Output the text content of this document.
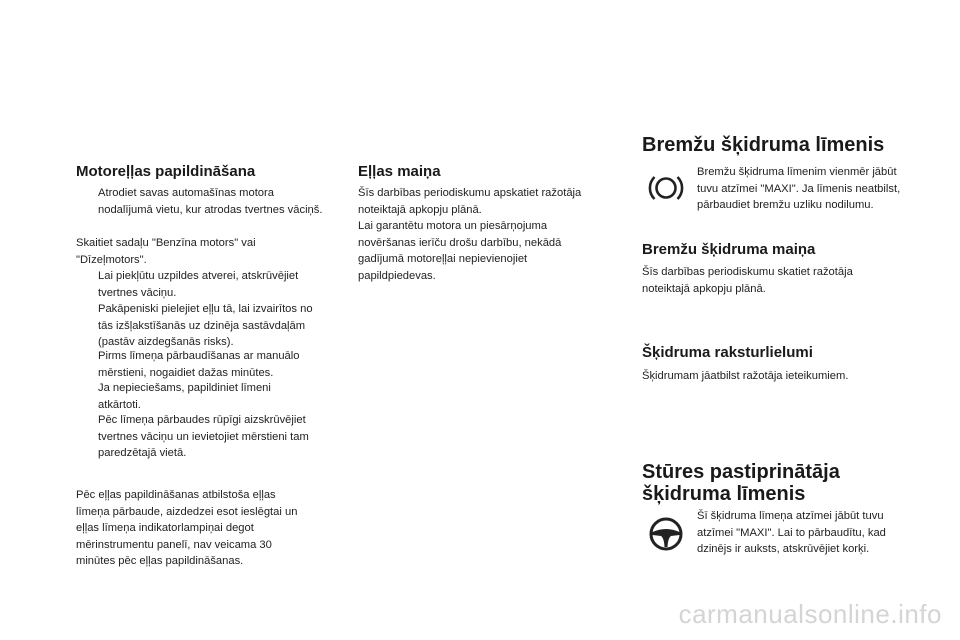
Motoreļļas papildināšana
Atrodiet savas automašīnas motora nodalījumā vietu, kur atrodas tvertnes vāciņš.
Skaitiet sadaļu "Benzīna motors" vai "Dīzeļmotors".
Lai piekļūtu uzpildes atverei, atskrūvējiet tvertnes vāciņu.
Pakāpeniski pielejiet eļļu tā, lai izvairītos no tās izšļakstīšanās uz dzinēja sastāvdaļām (pastāv aizdegšanās risks).
Pirms līmeņa pārbaudīšanas ar manuālo mērstieni, nogaidiet dažas minūtes.
Ja nepieciešams, papildiniet līmeni atkārtoti.
Pēc līmeņa pārbaudes rūpīgi aizskrūvējiet tvertnes vāciņu un ievietojiet mērstieni tam paredzētajā vietā.
Pēc eļļas papildināšanas atbilstoša eļļas līmeņa pārbaude, aizdedzei esot ieslēgtai un eļļas līmeņa indikatorlampiņai degot mērinstrumentu panelī, nav veicama 30 minūtes pēc eļļas papildināšanas.
Eļļas maiņa
Šīs darbības periodiskumu apskatiet ražotāja noteiktajā apkopju plānā.
Lai garantētu motora un piesārņojuma novēršanas ierīču drošu darbību, nekādā gadījumā motoreļļai nepievienojiet papildpiedevas.
Bremžu šķidruma līmenis
Bremžu šķidruma līmenim vienmēr jābūt tuvu atzīmei "MAXI". Ja līmenis neatbilst, pārbaudiet bremžu uzliku nodilumu.
Bremžu šķidruma maiņa
Šīs darbības periodiskumu skatiet ražotāja noteiktajā apkopju plānā.
Šķidruma raksturlielumi
Šķidrumam jāatbilst ražotāja ieteikumiem.
Stūres pastiprinātāja
šķidruma līmenis
Šī šķidruma līmeņa atzīmei jābūt tuvu atzīmei "MAXI". Lai to pārbaudītu, kad dzinējs ir auksts, atskrūvējiet korķi.
carmanualsonline.info
